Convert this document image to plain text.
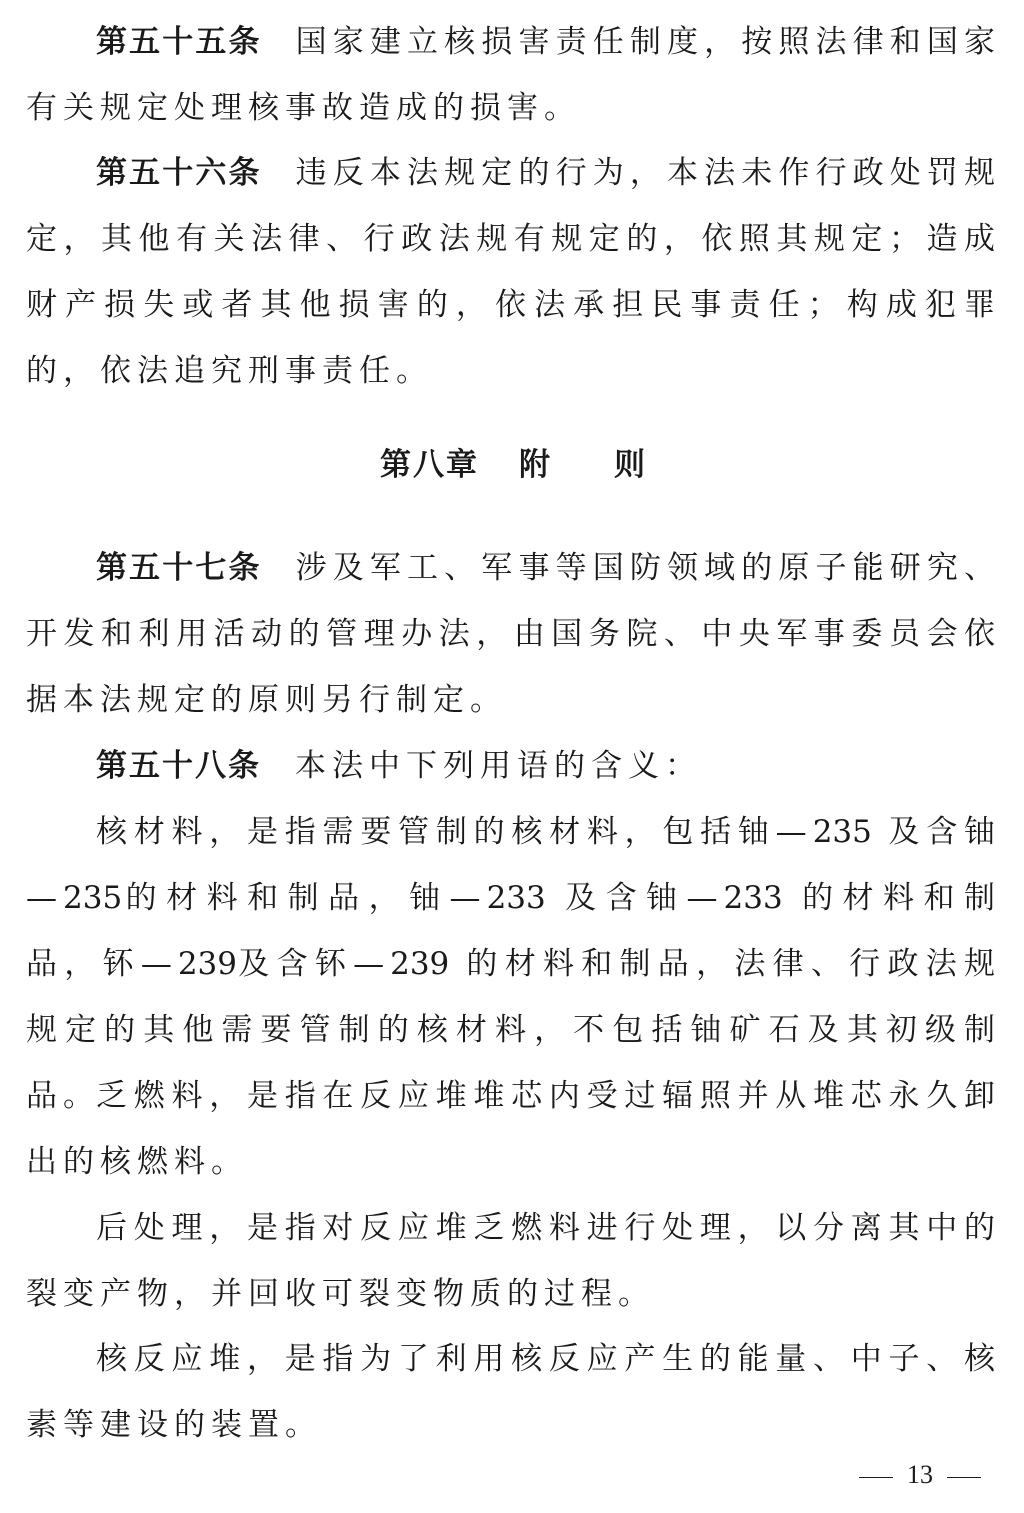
第五十五条 国家建立核损害责任制度，按照法律和国家有关规定处理核事故造成的损害。

第五十六条 违反本法规定的行为，本法未作行政处罚规定，其他有关法律、行政法规有规定的，依照其规定；造成财产损失或者其他损害的，依法承担民事责任；构成犯罪的，依法追究刑事责任。

第八章 附 则

第五十七条 涉及军工、军事等国防领域的原子能研究、开发和利用活动的管理办法，由国务院、中央军事委员会依据本法规定的原则另行制定。

第五十八条 本法中下列用语的含义：

核材料，是指需要管制的核材料，包括铀—235 及含铀—235的材料和制品，铀—233 及含铀—233 的材料和制品，钚—239及含钚—239 的材料和制品，法律、行政法规规定的其他需要管制的核材料，不包括铀矿石及其初级制品。

乏燃料，是指在反应堆堆芯内受过辐照并从堆芯永久卸出的核燃料。

后处理，是指对反应堆乏燃料进行处理，以分离其中的裂变产物，并回收可裂变物质的过程。

核反应堆，是指为了利用核反应产生的能量、中子、核素等建设的装置。

13
